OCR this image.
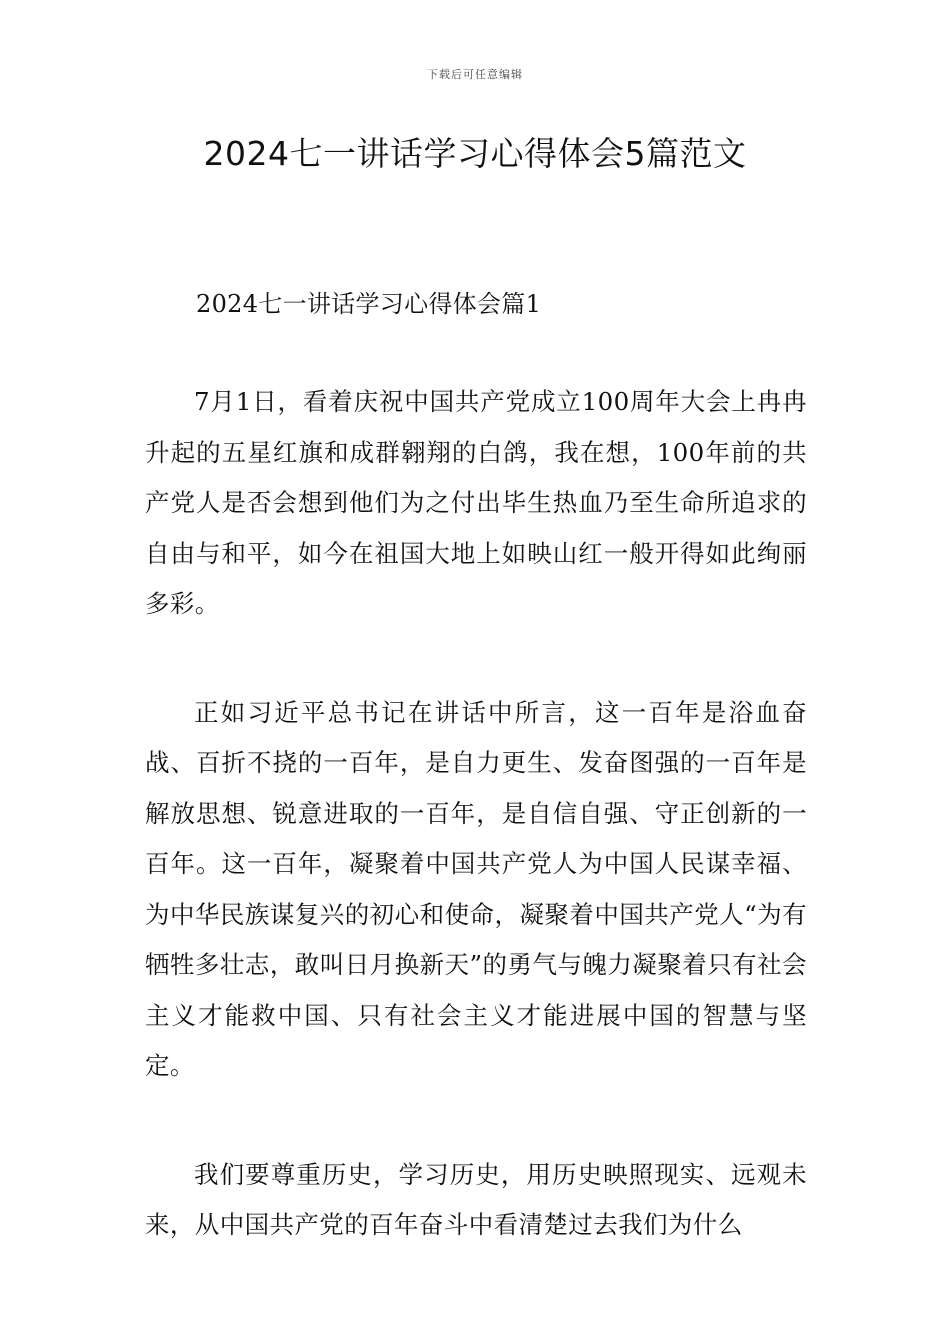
下载后可任意编辑
2024七一讲话学习心得体会5篇范文

2024七一讲话学习心得体会篇1

7月1日，看着庆祝中国共产党成立100周年大会上冉冉升起的五星红旗和成群翱翔的白鸽，我在想，100年前的共产党人是否会想到他们为之付出毕生热血乃至生命所追求的自由与和平，如今在祖国大地上如映山红一般开得如此绚丽多彩。

正如习近平总书记在讲话中所言，这一百年是浴血奋战、百折不挠的一百年，是自力更生、发奋图强的一百年是解放思想、锐意进取的一百年，是自信自强、守正创新的一百年。这一百年，凝聚着中国共产党人为中国人民谋幸福、为中华民族谋复兴的初心和使命，凝聚着中国共产党人“为有牺牲多壮志，敢叫日月换新天”的勇气与魄力凝聚着只有社会主义才能救中国、只有社会主义才能进展中国的智慧与坚定。

我们要尊重历史，学习历史，用历史映照现实、远观未来，从中国共产党的百年奋斗中看清楚过去我们为什么
